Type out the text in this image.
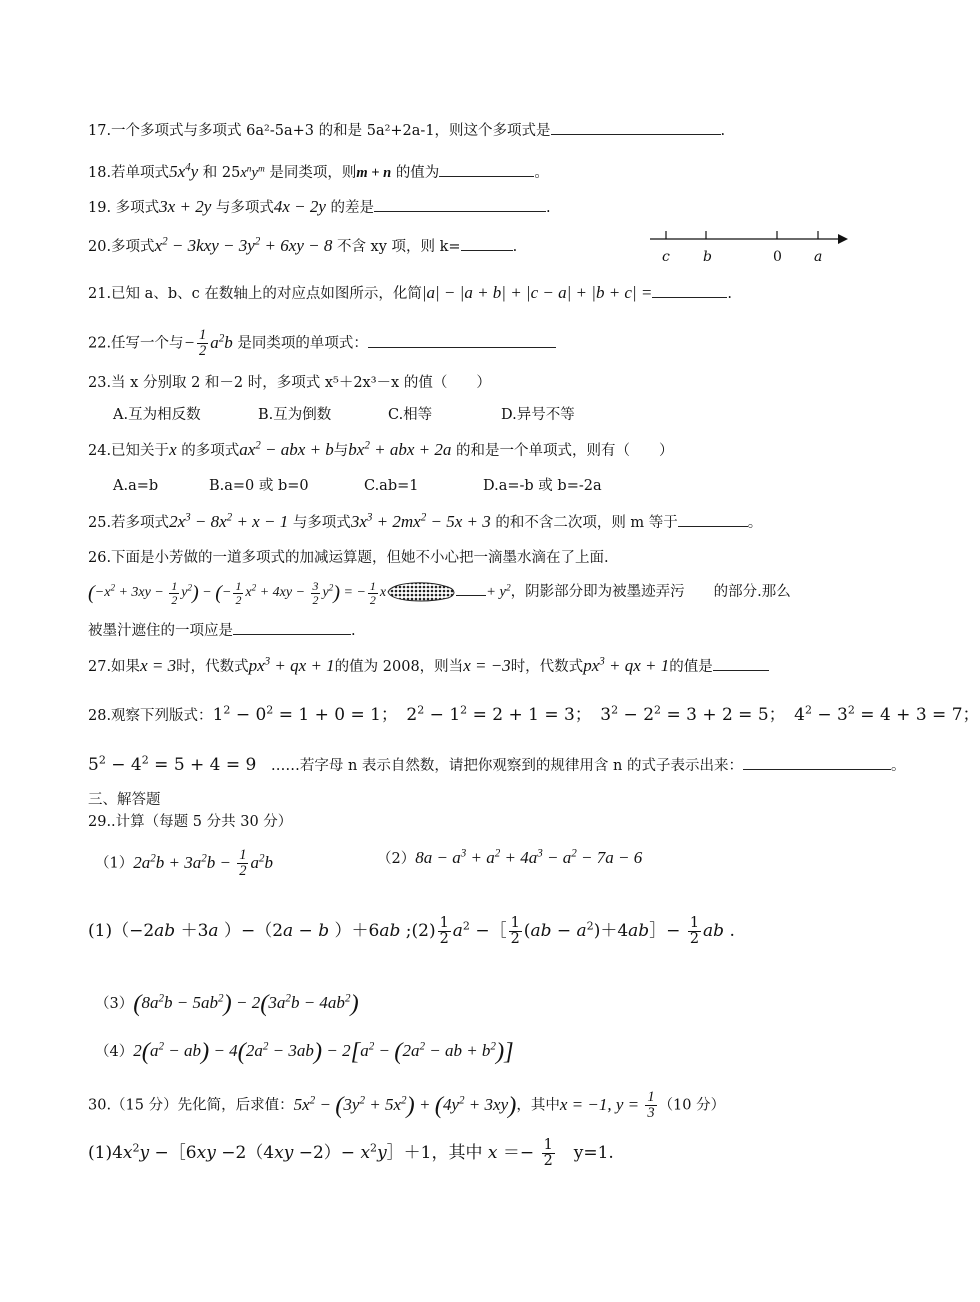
17.一个多项式与多项式 6a²-5a+3 的和是 5a²+2a-1，则这个多项式是	.
18.若单项式$5x^4y$ 和 $25x^ny^m$ 是同类项，则m + n 的值为	。
19. 多项式3x + 2y 与多项式4x − 2y 的差是	.
20.多项式$x^2 - 3kxy - 3y^2 + 6xy - 8$ 不含 xy 项，则 k=	.
c b	0 a
21.已知 a、b、c 在数轴上的对应点如图所示，化简|a| − |a + b| + |c − a| + |b + c| =	.
22.任写一个与− $\frac{1}{2} a^2b$ 是同类项的单项式：
23.当 x 分别取 2 和－2 时，多项式 x⁵＋2x³－x 的值（　　）
A.互为相反数	B.互为倒数	C.相等	D.异号不等
24.已知关于x 的多项式$ax^2$ − abx + b与$bx^2$ + abx + 2a 的和是一个单项式，则有（　　）
A.a=b	B.a=0 或 b=0	C.ab=1	D.a=-b 或 b=-2a
25.若多项式$2x^3 - 8x^2 + x - 1$ 与多项式$3x^3 + 2mx^2 - 5x + 3$ 的和不含二次项，则 m 等于	。
26.下面是小芳做的一道多项式的加减运算题，但她不小心把一滴墨水滴在了上面.
$(-x^2 + 3xy - \frac{1}{2} y^2)$ − (− $\frac{1}{2} x^2 + 4xy - \frac{3}{2} y^2$) = − $\frac{1}{2}$ x	+ $y^2$，阴影部分即为被墨迹弄污　　的部分.那么
被墨汁遮住的一项应是	.
27.如果x = 3时，代数式$px^3$ + qx + 1的值为 2008，则当x = −3时，代数式$px^3$ + qx + 1的值是
28.观察下列版式：$1^2 - 0^2 = 1 + 0 = 1$；　$2^2 - 1^2 = 2 + 1 = 3$；　$3^2 - 2^2 = 3 + 2 = 5$；　$4^2 - 3^2 = 4 + 3 = 7$；
$5^2 - 4^2 = 5 + 4 = 9$　 ……若字母 n 表示自然数，请把你观察到的规律用含 n 的式子表示出来：	。
三、解答题
29..计算（每题 5 分共 30 分）
$(1)2a^2b + 3a^2b - \frac{1}{2} a^2b$	$(2)8a - a^3 + a^2 + 4a^3 - a^2 - 7a - 6$
(1)（−2ab ＋3a ）−（2a − b ）＋6ab ;(2) $\frac{1}{2} a^2$ −［ $\frac{1}{2} (ab$ − $a^2)+4ab]- \frac{1}{2}$ ab .
$(3)(8a^2b - 5ab^2) - 2(3a^2b - 4ab^2)$
$(4)2(a^2 - ab) - 4(2a^2 - 3ab) - 2[a^2 - (2a^2$ − ab + $b^2$)]
30.（15 分）先化简，后求值：$5x^2 - (3y^2 + 5x^2) + (4y^2 + 3xy)$，其中x = −1, $y = \frac{1}{3} (10$ 分）
$(1)4x^2y$ −［6xy $-2(4xy -2)- x^2y]+1$，其中 $x =- \frac{1}{2}$
　 y=1.
